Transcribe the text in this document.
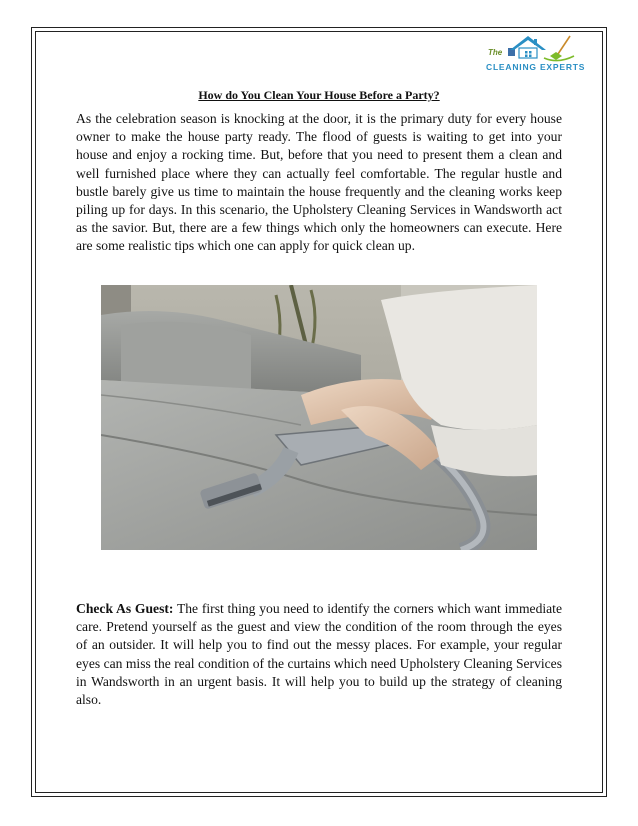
The
CLEANING EXPERTS
How do You Clean Your House Before a Party?

As the celebration season is knocking at the door, it is the primary duty for every house owner to make the house party ready. The flood of guests is waiting to get into your house and enjoy a rocking time. But, before that you need to present them a clean and well furnished place where they can actually feel comfortable. The regular hustle and bustle barely give us time to maintain the house frequently and the cleaning works keep piling up for days. In this scenario, the Upholstery Cleaning Services in Wandsworth act as the savior. But, there are a few things which only the homeowners can execute. Here are some realistic tips which one can apply for quick clean up.

Check As Guest: The first thing you need to identify the corners which want immediate care. Pretend yourself as the guest and view the condition of the room through the eyes of an outsider. It will help you to find out the messy places. For example, your regular eyes can miss the real condition of the curtains which need Upholstery Cleaning Services in Wandsworth in an urgent basis. It will help you to build up the strategy of cleaning also.
